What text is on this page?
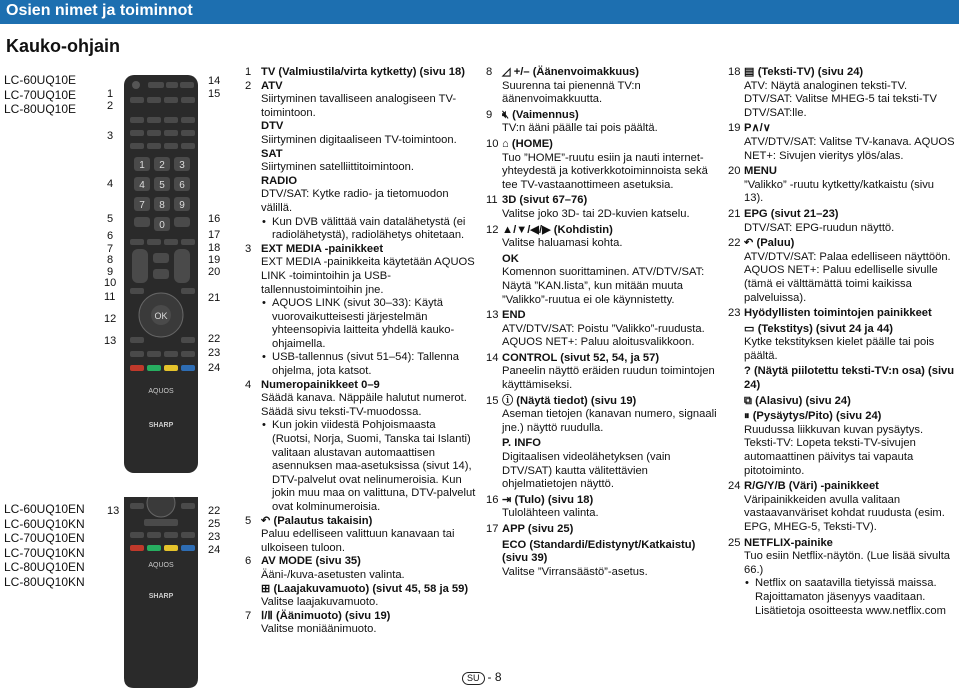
Osien nimet ja toiminnot
Kauko-ohjain
LC-60UQ10E
LC-70UQ10E
LC-80UQ10E
LC-60UQ10EN
LC-60UQ10KN
LC-70UQ10EN
LC-70UQ10KN
LC-80UQ10EN
LC-80UQ10KN
1
2
3
4
5
6
7
8
9
10
11
12
13
14
15
16
17
18
19
20
21
22
23
24
13	22
25
23
24
1 2 3
4 5 6
7 8 9
0
OK
AQUOS
SHARP
AQUOS
SHARP
1 TV (Valmiustila/virta kytketty) (sivu 18)
2 ATV
Siirtyminen tavalliseen analogiseen TV-toimintoon.
DTV
Siirtyminen digitaaliseen TV-toimintoon.
SAT
Siirtyminen satelliittitoimintoon.
RADIO
DTV/SAT: Kytke radio- ja tietomuodon välillä.
• Kun DVB välittää vain datalähetystä (ei radiolähetystä), radiolähetys ohitetaan.
3 EXT MEDIA -painikkeet
EXT MEDIA -painikkeita käytetään AQUOS LINK -toimintoihin ja USB-tallennustoimintoihin jne.
• AQUOS LINK (sivut 30–33): Käytä vuorovaikutteisesti järjestelmän yhteensopivia laitteita yhdellä kauko-ohjaimella.
• USB-tallennus (sivut 51–54): Tallenna ohjelma, jota katsot.
4 Numeropainikkeet 0–9
Säädä kanava. Näppäile halutut numerot. Säädä sivu teksti-TV-muodossa.
• Kun jokin viidestä Pohjoismaasta (Ruotsi, Norja, Suomi, Tanska tai Islanti) valitaan alustavan automaattisen asennuksen maa-asetuksissa (sivut 14), DTV-palvelut ovat nelinumeroisia. Kun jokin muu maa on valittuna, DTV-palvelut ovat kolminumeroisia.
5 ↶ (Palautus takaisin)
Paluu edelliseen valittuun kanavaan tai ulkoiseen tuloon.
6 AV MODE (sivu 35)
Ääni-/kuva-asetusten valinta.
⊞ (Laajakuvamuoto) (sivut 45, 58 ja 59)
Valitse laajakuvamuoto.
7 Ⅰ/Ⅱ (Äänimuoto) (sivu 19)
Valitse moniäänimuoto.
8 ◿ +/– (Äänenvoimakkuus)
Suurenna tai pienennä TV:n äänenvoimakkuutta.
9 🔇︎ (Vaimennus)
TV:n ääni päälle tai pois päältä.
10 ⌂ (HOME)
Tuo ”HOME”-ruutu esiin ja nauti internet-yhteydestä ja kotiverkkotoiminnoista sekä tee TV-vastaanottimeen asetuksia.
11 3D (sivut 67–76)
Valitse joko 3D- tai 2D-kuvien katselu.
12 ▲/▼/◀/▶ (Kohdistin)
Valitse haluamasi kohta.
OK
Komennon suorittaminen. ATV/DTV/SAT: Näytä ”KAN.lista”, kun mitään muuta ”Valikko”-ruutua ei ole käynnistetty.
13 END
ATV/DTV/SAT: Poistu ”Valikko”-ruudusta. AQUOS NET+: Paluu aloitusvalikkoon.
14 CONTROL (sivut 52, 54, ja 57)
Paneelin näyttö eräiden ruudun toimintojen käyttämiseksi.
15 ⓘ (Näytä tiedot) (sivu 19)
Aseman tietojen (kanavan numero, signaali jne.) näyttö ruudulla.
P. INFO
Digitaalisen videolähetyksen (vain DTV/SAT) kautta välitettävien ohjelmatietojen näyttö.
16 ⇥ (Tulo) (sivu 18)
Tulolähteen valinta.
17 APP (sivu 25)
ECO (Standardi/Edistynyt/Katkaistu) (sivu 39)
Valitse ”Virransäästö”-asetus.
18 ▤ (Teksti-TV) (sivu 24)
ATV: Näytä analoginen teksti-TV. DTV/SAT: Valitse MHEG-5 tai teksti-TV DTV/SAT:lle.
19 P∧/∨
ATV/DTV/SAT: Valitse TV-kanava. AQUOS NET+: Sivujen vieritys ylös/alas.
20 MENU
”Valikko” -ruutu kytketty/katkaistu (sivu 13).
21 EPG (sivut 21–23)
DTV/SAT: EPG-ruudun näyttö.
22 ↶ (Paluu)
ATV/DTV/SAT: Palaa edelliseen näyttöön. AQUOS NET+: Paluu edelliselle sivulle (tämä ei välttämättä toimi kaikissa palveluissa).
23 Hyödyllisten toimintojen painikkeet
▭ (Tekstitys) (sivut 24 ja 44)
Kytke tekstityksen kielet päälle tai pois päältä.
? (Näytä piilotettu teksti-TV:n osa) (sivu 24)
⧉ (Alasivu) (sivu 24)
⏸ (Pysäytys/Pito) (sivu 24)
Ruudussa liikkuvan kuvan pysäytys. Teksti-TV: Lopeta teksti-TV-sivujen automaattinen päivitys tai vapauta pitotoiminto.
24 R/G/Y/B (Väri) -painikkeet
Väripainikkeiden avulla valitaan vastaavanväriset kohdat ruudusta (esim. EPG, MHEG-5, Teksti-TV).
25 NETFLIX-painike
Tuo esiin Netflix-näytön. (Lue lisää sivulta 66.)
• Netflix on saatavilla tietyissä maissa. Rajoittamaton jäsenyys vaaditaan. Lisätietoja osoitteesta www.netflix.com
SU - 8
